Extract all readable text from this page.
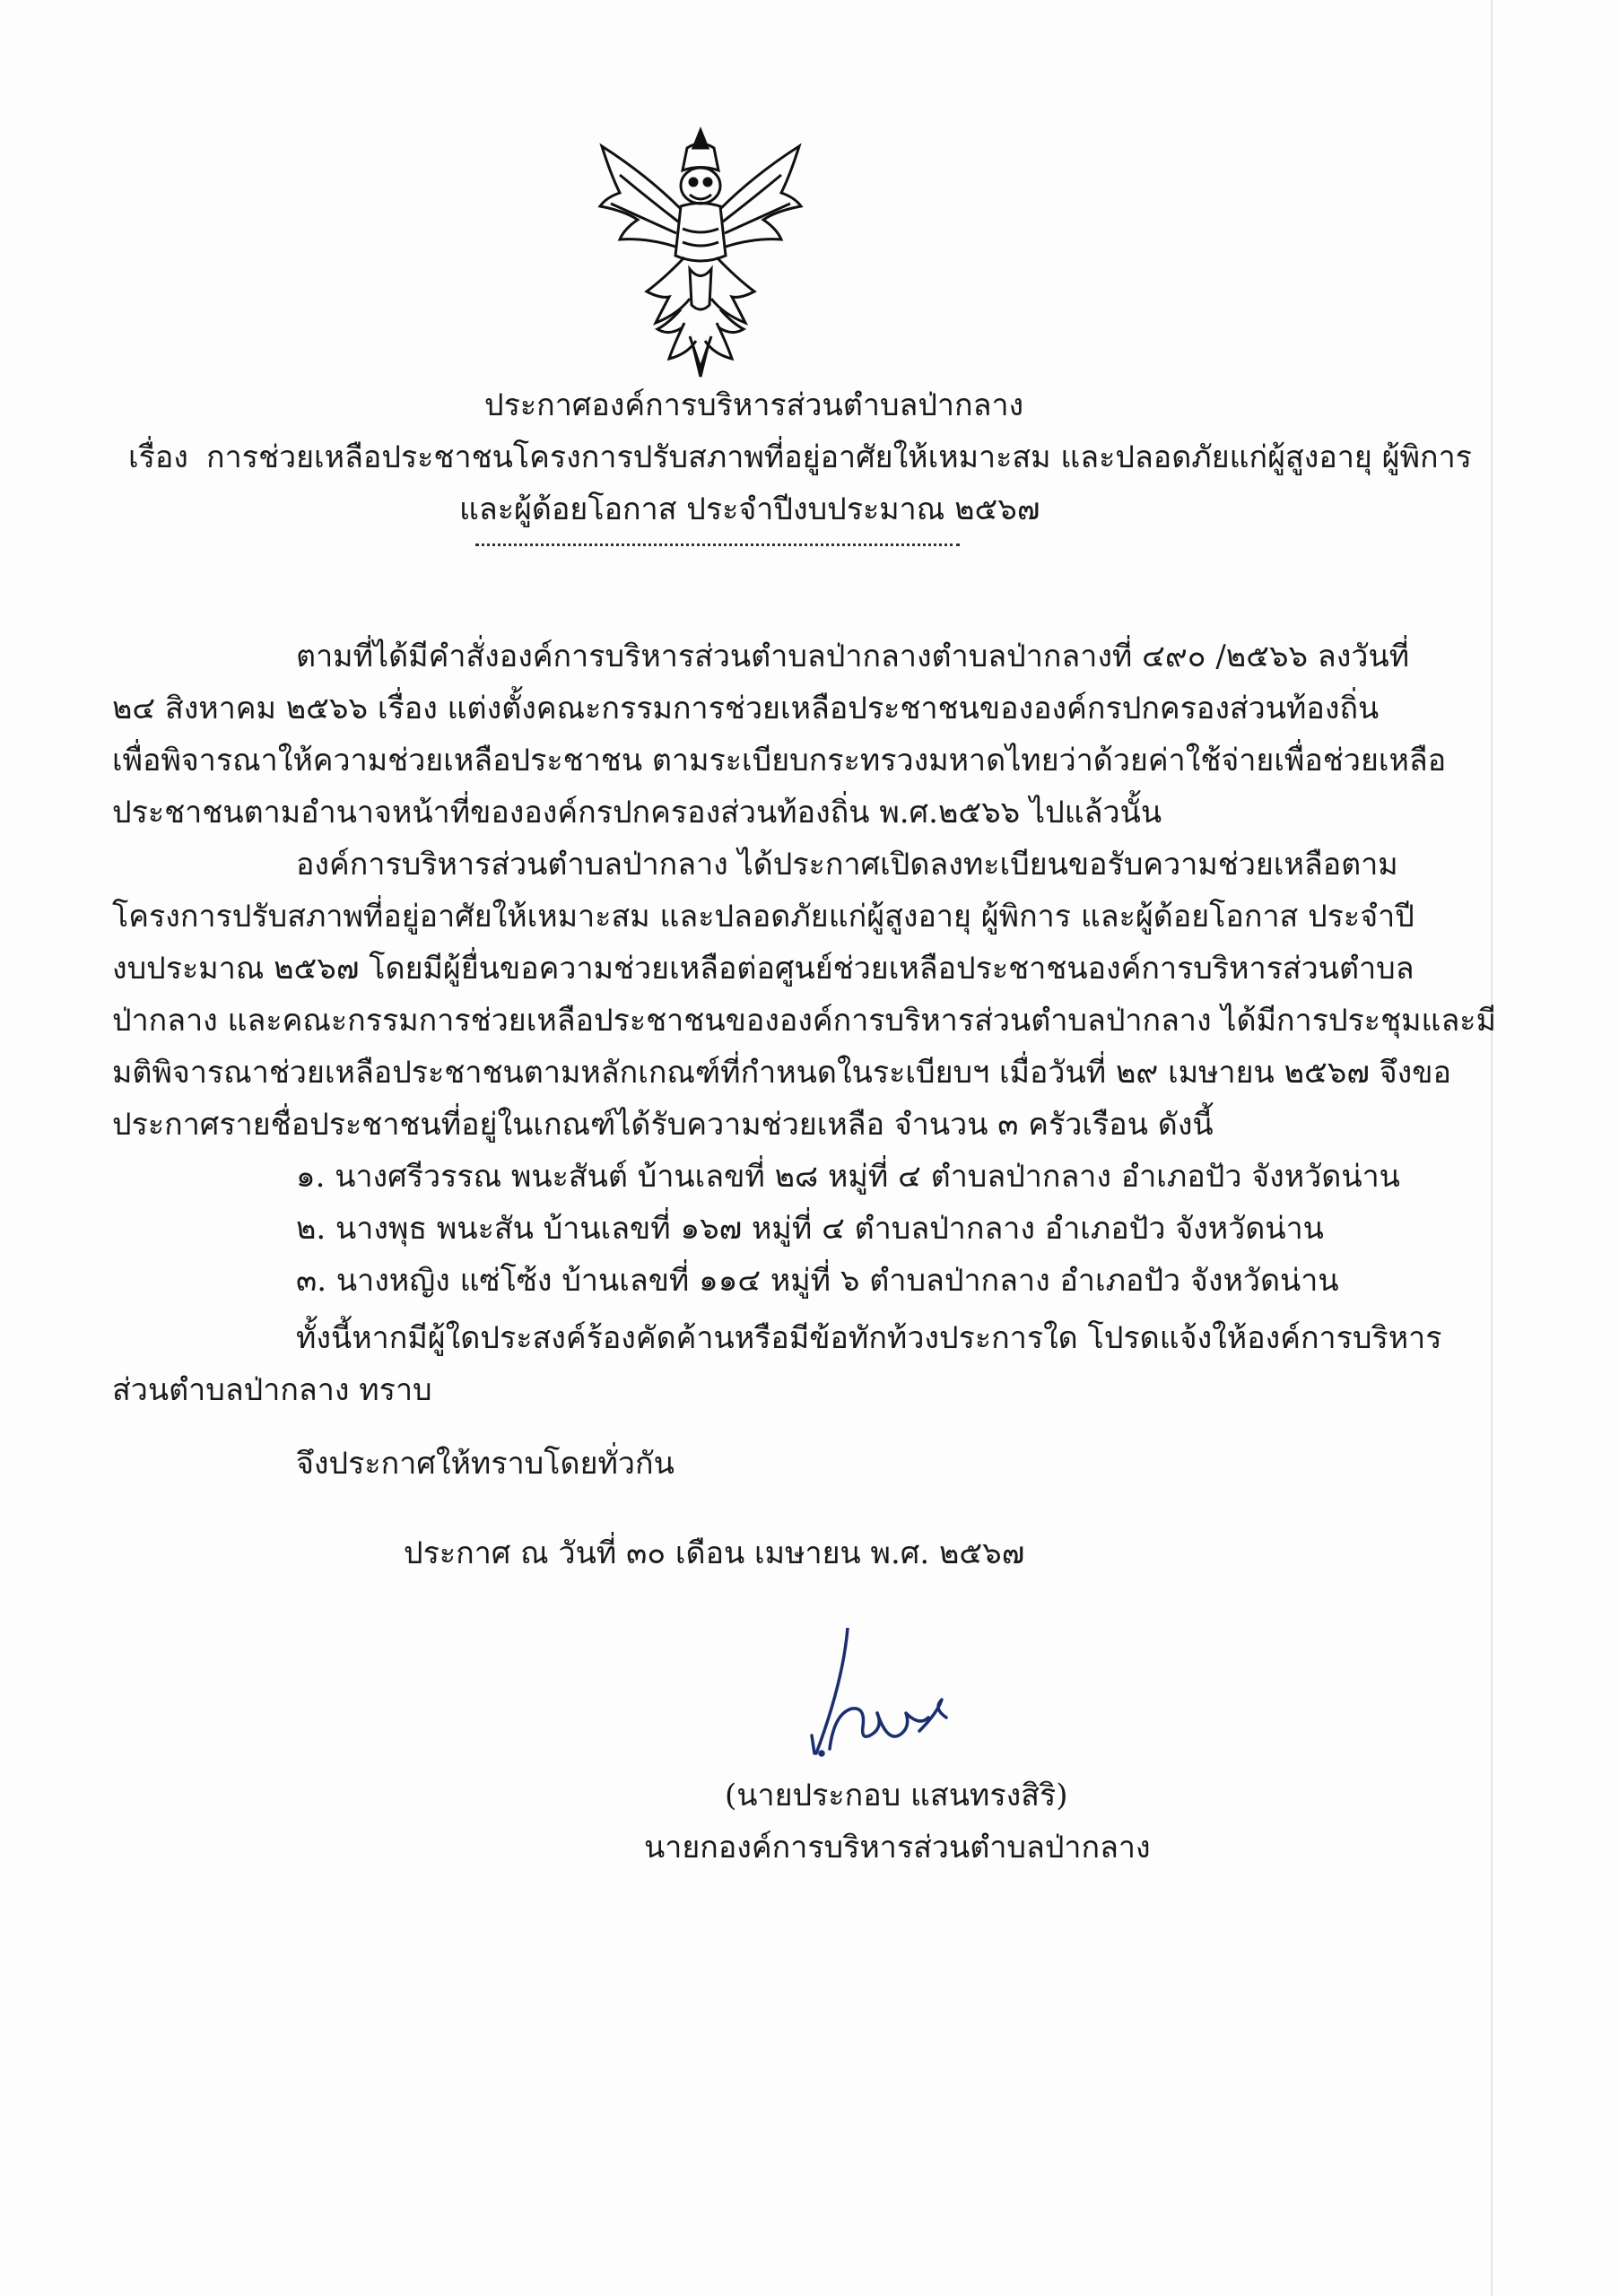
ประกาศองค์การบริหารส่วนตำบลป่ากลาง
เรื่อง การช่วยเหลือประชาชนโครงการปรับสภาพที่อยู่อาศัยให้เหมาะสม และปลอดภัยแก่ผู้สูงอายุ ผู้พิการ
และผู้ด้อยโอกาส ประจำปีงบประมาณ ๒๕๖๗
ตามที่ได้มีคำสั่งองค์การบริหารส่วนตำบลป่ากลางตำบลป่ากลางที่ ๔๙๐ /๒๕๖๖ ลงวันที่
๒๔ สิงหาคม ๒๕๖๖ เรื่อง แต่งตั้งคณะกรรมการช่วยเหลือประชาชนขององค์กรปกครองส่วนท้องถิ่น
เพื่อพิจารณาให้ความช่วยเหลือประชาชน ตามระเบียบกระทรวงมหาดไทยว่าด้วยค่าใช้จ่ายเพื่อช่วยเหลือ
ประชาชนตามอำนาจหน้าที่ขององค์กรปกครองส่วนท้องถิ่น พ.ศ.๒๕๖๖ ไปแล้วนั้น
องค์การบริหารส่วนตำบลป่ากลาง ได้ประกาศเปิดลงทะเบียนขอรับความช่วยเหลือตาม
โครงการปรับสภาพที่อยู่อาศัยให้เหมาะสม และปลอดภัยแก่ผู้สูงอายุ ผู้พิการ และผู้ด้อยโอกาส ประจำปี
งบประมาณ ๒๕๖๗ โดยมีผู้ยื่นขอความช่วยเหลือต่อศูนย์ช่วยเหลือประชาชนองค์การบริหารส่วนตำบล
ป่ากลาง และคณะกรรมการช่วยเหลือประชาชนขององค์การบริหารส่วนตำบลป่ากลาง ได้มีการประชุมและมี
มติพิจารณาช่วยเหลือประชาชนตามหลักเกณฑ์ที่กำหนดในระเบียบฯ เมื่อวันที่ ๒๙ เมษายน ๒๕๖๗ จึงขอ
ประกาศรายชื่อประชาชนที่อยู่ในเกณฑ์ได้รับความช่วยเหลือ จำนวน ๓ ครัวเรือน ดังนี้
๑. นางศรีวรรณ พนะสันต์ บ้านเลขที่ ๒๘ หมู่ที่ ๔ ตำบลป่ากลาง อำเภอปัว จังหวัดน่าน
๒. นางพุธ พนะสัน บ้านเลขที่ ๑๖๗ หมู่ที่ ๔ ตำบลป่ากลาง อำเภอปัว จังหวัดน่าน
๓. นางหญิง แซ่โซ้ง บ้านเลขที่ ๑๑๔ หมู่ที่ ๖ ตำบลป่ากลาง อำเภอปัว จังหวัดน่าน
ทั้งนี้หากมีผู้ใดประสงค์ร้องคัดค้านหรือมีข้อทักท้วงประการใด โปรดแจ้งให้องค์การบริหาร
ส่วนตำบลป่ากลาง ทราบ
จึงประกาศให้ทราบโดยทั่วกัน
ประกาศ ณ วันที่ ๓๐ เดือน เมษายน พ.ศ. ๒๕๖๗
(นายประกอบ แสนทรงสิริ)
นายกองค์การบริหารส่วนตำบลป่ากลาง
